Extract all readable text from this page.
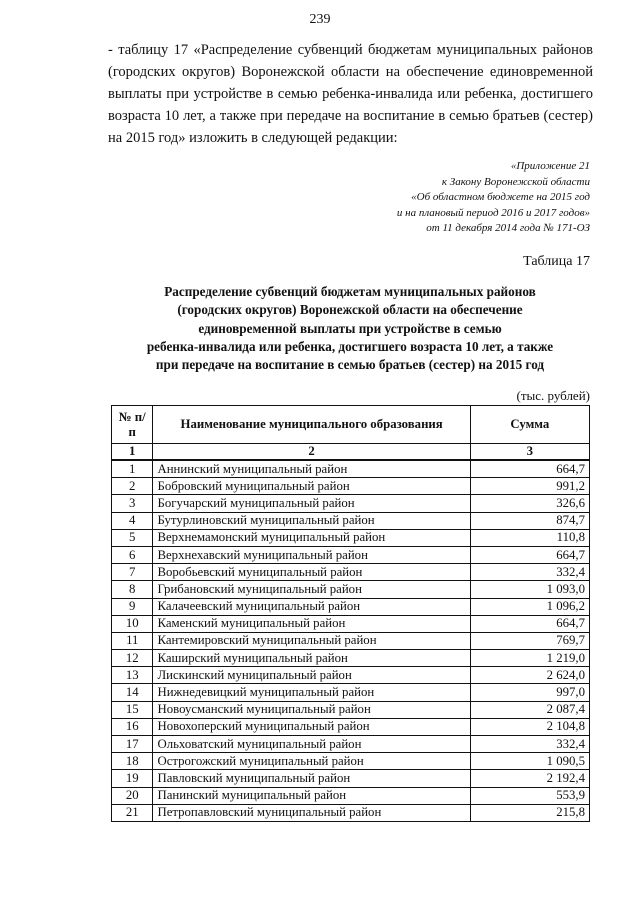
239

- таблицу 17 «Распределение субвенций бюджетам муниципальных районов (городских округов) Воронежской области на обеспечение единовременной выплаты при устройстве в семью ребенка-инвалида или ребенка, достигшего возраста 10 лет, а также при передаче на воспитание в семью братьев (сестер) на 2015 год» изложить в следующей редакции:

«Приложение 21
к Закону Воронежской области
«Об областном бюджете на 2015 год
и на плановый период 2016 и 2017 годов»
от 11 декабря 2014 года № 171-ОЗ
Таблица 17
Распределение субвенций бюджетам муниципальных районов
(городских округов) Воронежской области на обеспечение
единовременной выплаты при устройстве в семью
ребенка-инвалида или ребенка, достигшего возраста 10 лет, а также
при передаче на воспитание в семью братьев (сестер) на 2015 год
(тыс. рублей)
№ п/п	Наименование муниципального образования	Сумма
1	2	3
1	Аннинский муниципальный район	664,7
2	Бобровский муниципальный район	991,2
3	Богучарский муниципальный район	326,6
4	Бутурлиновский муниципальный район	874,7
5	Верхнемамонский муниципальный район	110,8
6	Верхнехавский муниципальный район	664,7
7	Воробьевский муниципальный район	332,4
8	Грибановский муниципальный район	1 093,0
9	Калачеевский муниципальный район	1 096,2
10	Каменский муниципальный район	664,7
11	Кантемировский муниципальный район	769,7
12	Каширский муниципальный район	1 219,0
13	Лискинский муниципальный район	2 624,0
14	Нижнедевицкий муниципальный район	997,0
15	Новоусманский муниципальный район	2 087,4
16	Новохоперский муниципальный район	2 104,8
17	Ольховатский муниципальный район	332,4
18	Острогожский муниципальный район	1 090,5
19	Павловский муниципальный район	2 192,4
20	Панинский муниципальный район	553,9
21	Петропавловский муниципальный район	215,8
